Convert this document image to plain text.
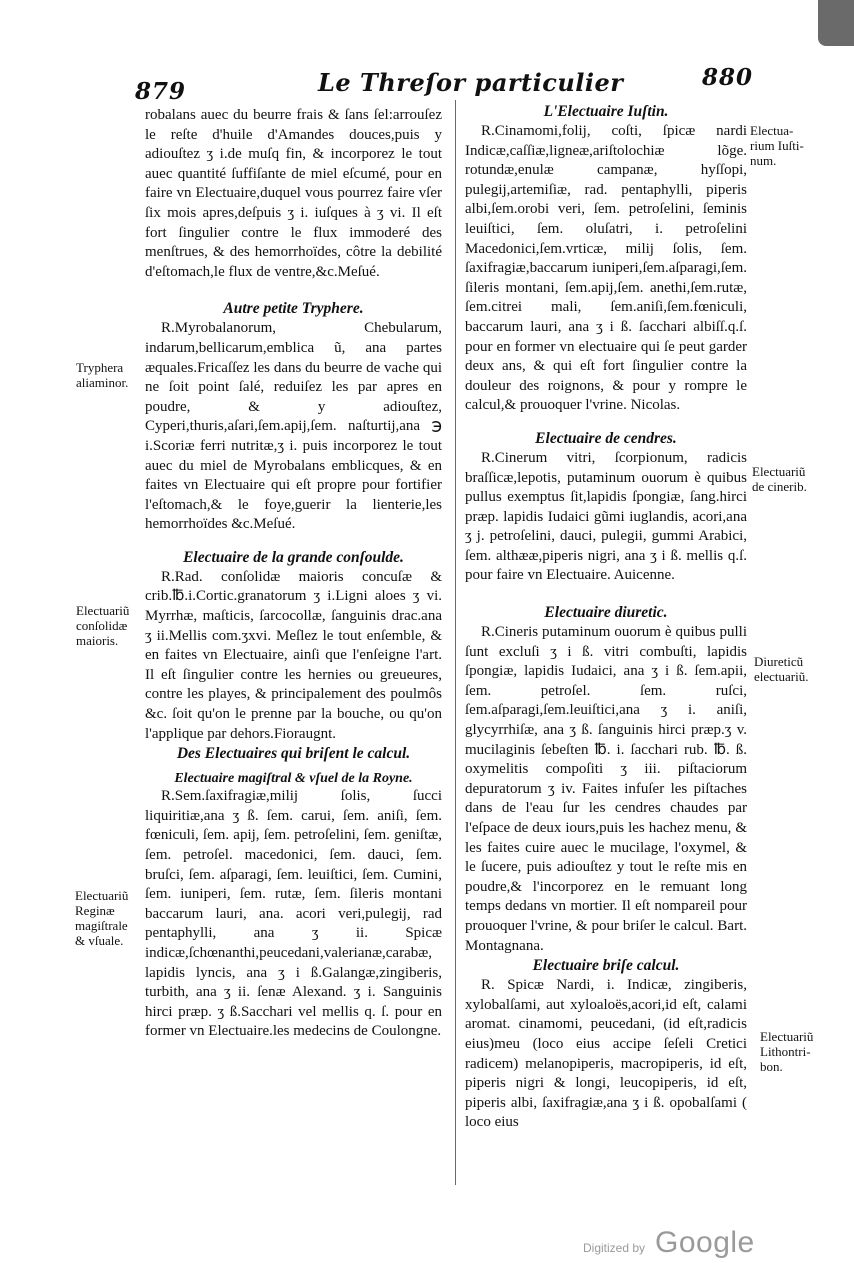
879	Le Threſor particulier	880

robalans auec du beurre frais & ſans ſel:arrouſez le reſte d'huile d'Amandes douces,puis y adiouſtez ʒ i.de muſq fin, & incorporez le tout auec quantité ſuffiſante de miel eſcumé, pour en faire vn Electuaire,duquel vous pourrez faire vſer ſix mois apres,deſpuis ʒ i. iuſques à ʒ vi. Il eſt fort ſingulier contre le flux immoderé des menſtrues, & des hemorrhoïdes, côtre la debilité d'eſtomach,le flux de ventre,&c.Meſué.

Autre petite Tryphere.

R.Myrobalanorum, Chebularum, indarum,bellicarum,emblica ũ, ana partes æquales.Fricaſſez les dans du beurre de vache qui ne ſoit point ſalé, reduiſez les par apres en poudre, & y adiouſtez, Cyperi,thuris,aſari,ſem.apij,ſem. naſturtij,ana ℈ i.Scoriæ ferri nutritæ,ʒ i. puis incorporez le tout auec du miel de Myrobalans emblicques, & en faites vn Electuaire qui eſt propre pour fortifier l'eſtomach,& le foye,guerir la lienterie,les hemorrhoïdes &c.Meſué.

Electuaire de la grande conſoulde.

R.Rad. conſolidæ maioris concuſæ & crib.℔.i.Cortic.granatorum ʒ i.Ligni aloes ʒ vi. Myrrhæ, maſticis, ſarcocollæ, ſanguinis drac.ana ʒ ii.Mellis com.ʒxvi. Meſlez le tout enſemble, & en faites vn Electuaire, ainſi que l'enſeigne l'art. Il eſt ſingulier contre les hernies ou greueures, contre les playes, & principalement des poulmôs &c. ſoit qu'on le prenne par la bouche, ou qu'on l'applique par dehors.Fioraugnt.

Des Electuaires qui briſent le calcul.
Electuaire magiſtral & vſuel de la Royne.

R.Sem.ſaxifragiæ,milij ſolis, ſucci liquiritiæ,ana ʒ ß. ſem. carui, ſem. aniſi, ſem. fœniculi, ſem. apij, ſem. petroſelini, ſem. geniſtæ, ſem. petroſel. macedonici, ſem. dauci, ſem. bruſci, ſem. aſparagi, ſem. leuiſtici, ſem. Cumini, ſem. iuniperi, ſem. rutæ, ſem. ſileris montani baccarum lauri, ana. acori veri,pulegij, rad pentaphylli, ana ʒ ii. Spicæ indicæ,ſchœnanthi,peucedani,valerianæ,carabæ, lapidis lyncis, ana ʒ i ß.Galangæ,zingiberis, turbith, ana ʒ ii. ſenæ Alexand. ʒ i. Sanguinis hirci præp. ʒ ß.Sacchari vel mellis q. ſ. pour en former vn Electuaire.les medecins de Coulongne.

L'Electuaire Iuſtin.

R.Cinamomi,folij, coſti, ſpicæ nardi Indicæ,caſſiæ,ligneæ,ariſtolochiæ lõge. rotundæ,enulæ campanæ, hyſſopi, pulegij,artemiſiæ, rad. pentaphylli, piperis albi,ſem.orobi veri, ſem. petroſelini, ſeminis leuiſtici, ſem. oluſatri, i. petroſelini Macedonici,ſem.vrticæ, milij ſolis, ſem. ſaxifragiæ,baccarum iuniperi,ſem.aſparagi,ſem. ſileris montani, ſem.apij,ſem. anethi,ſem.rutæ, ſem.citrei mali, ſem.aniſi,ſem.fœniculi, baccarum lauri, ana ʒ i ß. ſacchari albiſſ.q.ſ. pour en former vn electuaire qui ſe peut garder deux ans, & qui eſt fort ſingulier contre la douleur des roignons, & pour y rompre le calcul,& prouoquer l'vrine. Nicolas.

Electuaire de cendres.

R.Cinerum vitri, ſcorpionum, radicis braſſicæ,lepotis, putaminum ouorum è quibus pullus exemptus ſit,lapidis ſpongiæ, ſang.hirci præp. lapidis Iudaici gũmi iuglandis, acori,ana ʒ j. petroſelini, dauci, pulegii, gummi Arabici, ſem. althææ,piperis nigri, ana ʒ i ß. mellis q.ſ. pour faire vn Electuaire. Auicenne.

Electuaire diuretic.

R.Cineris putaminum ouorum è quibus pulli ſunt excluſi ʒ i ß. vitri combuſti, lapidis ſpongiæ, lapidis Iudaici, ana ʒ i ß. ſem.apii, ſem. petroſel. ſem. ruſci, ſem.aſparagi,ſem.leuiſtici,ana ʒ i. aniſi, glycyrrhiſæ, ana ʒ ß. ſanguinis hirci præp.ʒ v. mucilaginis ſebeſten ℔. i. ſacchari rub. ℔. ß. oxymelitis compoſiti ʒ iii. piſtaciorum depuratorum ʒ iv. Faites infuſer les piſtaches dans de l'eau ſur les cendres chaudes par l'eſpace de deux iours,puis les hachez menu, & les faites cuire auec le mucilage, l'oxymel, & le ſucere, puis adiouſtez y tout le reſte mis en poudre,& l'incorporez en le remuant long temps dedans vn mortier. Il eſt nompareil pour prouoquer l'vrine, & pour briſer le calcul. Bart. Montagnana.

Electuaire briſe calcul.

R. Spicæ Nardi, i. Indicæ, zingiberis, xylobalſami, aut xyloaloës,acori,id eſt, calami aromat. cinamomi, peucedani, (id eſt,radicis eius)meu (loco eius accipe ſeſeli Cretici radicem) melanopiperis, macropiperis, id eſt, piperis nigri & longi, leucopiperis, id eſt, piperis albi, ſaxifragiæ,ana ʒ i ß. opobalſami ( loco eius

Tryphera
aliaminor.
Electuariũ
conſolidæ
maioris.
Electuariũ
Reginæ
magiſtrale
& vſuale.
Electua-
rium Iuſti-
num.
Electuariũ
de cinerib.
Diureticũ
electuariũ.
Electuariũ
Lithontri-
bon.
Digitized by Google
